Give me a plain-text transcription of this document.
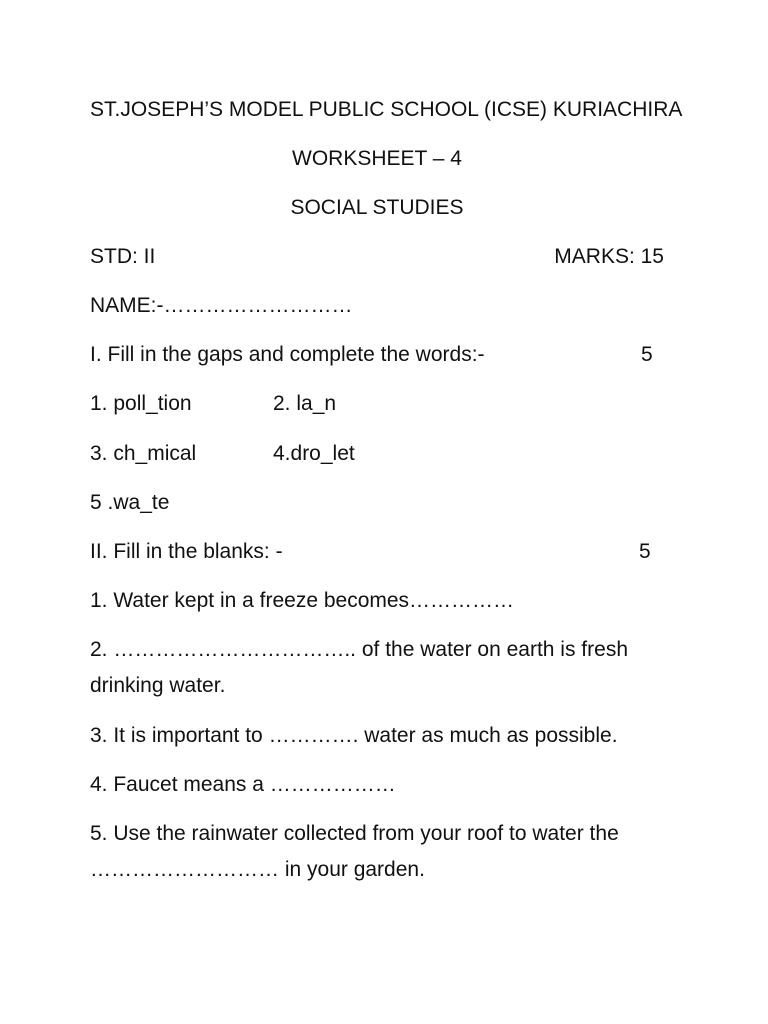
ST.JOSEPH’S MODEL PUBLIC SCHOOL (ICSE) KURIACHIRA
WORKSHEET – 4
SOCIAL STUDIES
STD: II	MARKS: 15
NAME:-………………………
I. Fill in the gaps and complete the words:-	5
1. poll_tion	2. la_n
3. ch_mical	4.dro_let
5 .wa_te
II. Fill in the blanks: -	5
1. Water kept in a freeze becomes……………
2. …………………………….. of the water on earth is fresh drinking water.
3. It is important to …………. water as much as possible.
4. Faucet means a ………………
5. Use the rainwater collected from your roof to water the ……………………… in your garden.
